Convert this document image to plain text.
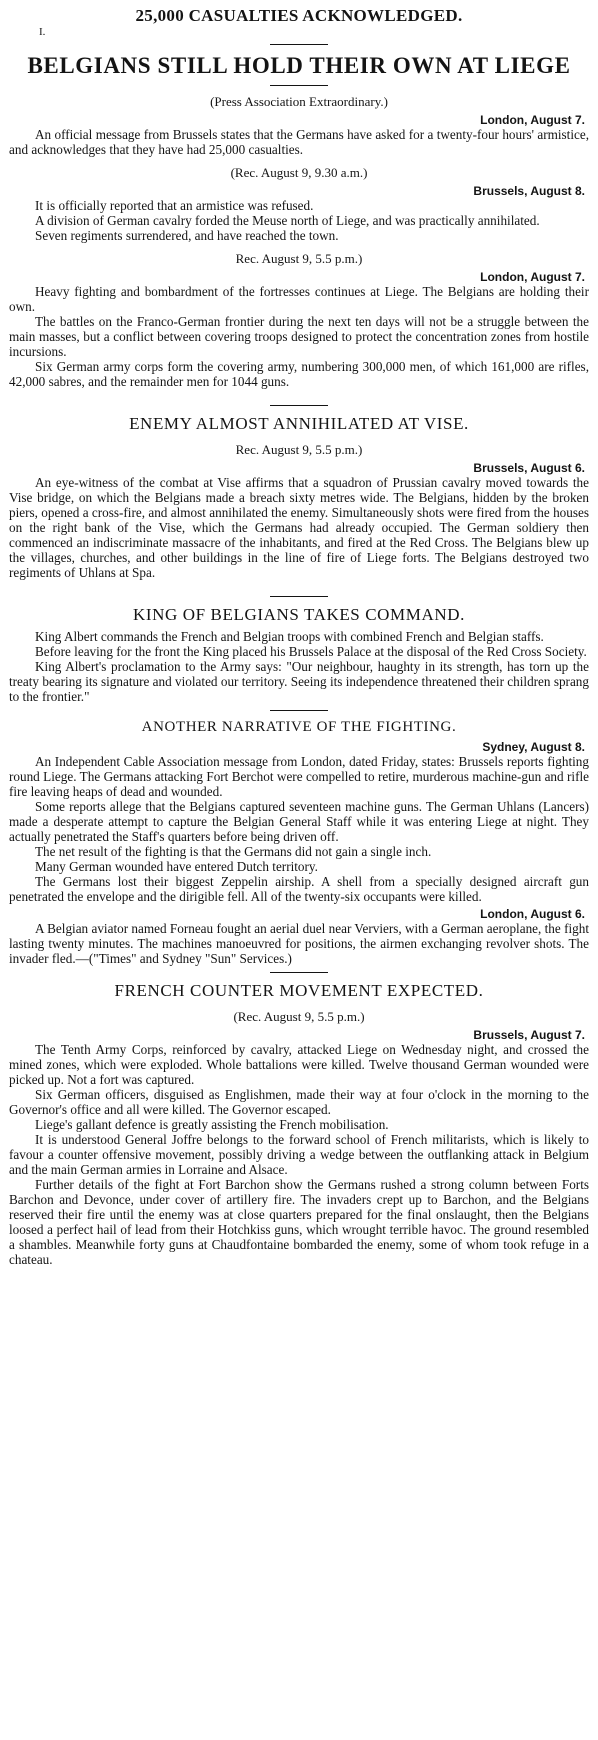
25,000 CASUALTIES ACKNOWLEDGED.
I.
BELGIANS STILL HOLD THEIR OWN AT LIEGE
(Press Association Extraordinary.)
London, August 7.

An official message from Brussels states that the Germans have asked for a twenty-four hours' armistice, and acknowledges that they have had 25,000 casualties.

(Rec. August 9, 9.30 a.m.)
Brussels, August 8.

It is officially reported that an armistice was refused.

A division of German cavalry forded the Meuse north of Liege, and was practically annihilated.

Seven regiments surrendered, and have reached the town.

Rec. August 9, 5.5 p.m.)
London, August 7.

Heavy fighting and bombardment of the fortresses continues at Liege. The Belgians are holding their own.

The battles on the Franco-German frontier during the next ten days will not be a struggle between the main masses, but a conflict between covering troops designed to protect the concentration zones from hostile incursions.

Six German army corps form the covering army, numbering 300,000 men, of which 161,000 are rifles, 42,000 sabres, and the remainder men for 1044 guns.

ENEMY ALMOST ANNIHILATED AT VISE.
Rec. August 9, 5.5 p.m.)
Brussels, August 6.

An eye-witness of the combat at Vise affirms that a squadron of Prussian cavalry moved towards the Vise bridge, on which the Belgians made a breach sixty metres wide. The Belgians, hidden by the broken piers, opened a cross-fire, and almost annihilated the enemy. Simultaneously shots were fired from the houses on the right bank of the Vise, which the Germans had already occupied. The German soldiery then commenced an indiscriminate massacre of the inhabitants, and fired at the Red Cross. The Belgians blew up the villages, churches, and other buildings in the line of fire of Liege forts. The Belgians destroyed two regiments of Uhlans at Spa.

KING OF BELGIANS TAKES COMMAND.

King Albert commands the French and Belgian troops with combined French and Belgian staffs.

Before leaving for the front the King placed his Brussels Palace at the disposal of the Red Cross Society.

King Albert's proclamation to the Army says: "Our neighbour, haughty in its strength, has torn up the treaty bearing its signature and violated our territory. Seeing its independence threatened their children sprang to the frontier."

ANOTHER NARRATIVE OF THE FIGHTING.
Sydney, August 8.

An Independent Cable Association message from London, dated Friday, states: Brussels reports fighting round Liege. The Germans attacking Fort Berchot were compelled to retire, murderous machine-gun and rifle fire leaving heaps of dead and wounded.

Some reports allege that the Belgians captured seventeen machine guns. The German Uhlans (Lancers) made a desperate attempt to capture the Belgian General Staff while it was entering Liege at night. They actually penetrated the Staff's quarters before being driven off.

The net result of the fighting is that the Germans did not gain a single inch.

Many German wounded have entered Dutch territory.

The Germans lost their biggest Zeppelin airship. A shell from a specially designed aircraft gun penetrated the envelope and the dirigible fell. All of the twenty-six occupants were killed.

London, August 6.

A Belgian aviator named Forneau fought an aerial duel near Verviers, with a German aeroplane, the fight lasting twenty minutes. The machines manoeuvred for positions, the airmen exchanging revolver shots. The invader fled.—("Times" and Sydney "Sun" Services.)

FRENCH COUNTER MOVEMENT EXPECTED.
(Rec. August 9, 5.5 p.m.)
Brussels, August 7.

The Tenth Army Corps, reinforced by cavalry, attacked Liege on Wednesday night, and crossed the mined zones, which were exploded. Whole battalions were killed. Twelve thousand German wounded were picked up. Not a fort was captured.

Six German officers, disguised as Englishmen, made their way at four o'clock in the morning to the Governor's office and all were killed. The Governor escaped.

Liege's gallant defence is greatly assisting the French mobilisation.

It is understood General Joffre belongs to the forward school of French militarists, which is likely to favour a counter offensive movement, possibly driving a wedge between the outflanking attack in Belgium and the main German armies in Lorraine and Alsace.

Further details of the fight at Fort Barchon show the Germans rushed a strong column between Forts Barchon and Devonce, under cover of artillery fire. The invaders crept up to Barchon, and the Belgians reserved their fire until the enemy was at close quarters prepared for the final onslaught, then the Belgians loosed a perfect hail of lead from their Hotchkiss guns, which wrought terrible havoc. The ground resembled a shambles. Meanwhile forty guns at Chaudfontaine bombarded the enemy, some of whom took refuge in a chateau.
